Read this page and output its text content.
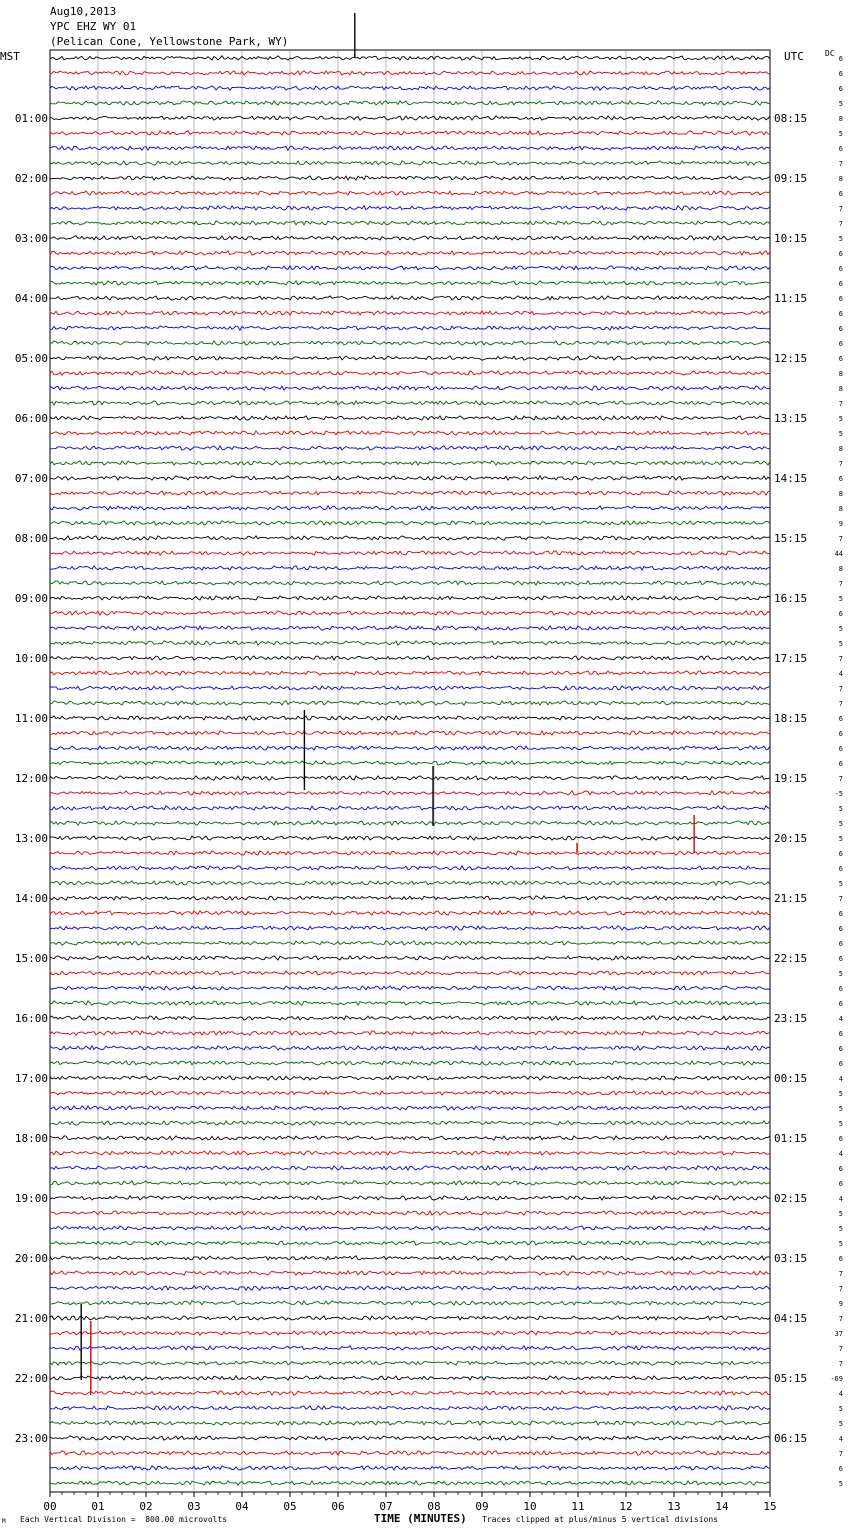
Aug10,2013
YPC EHZ WY 01
(Pelican Cone, Yellowstone Park, WY)
MST	UTC	DC
00	01	02	03	04	05	06	07	08	09	10	11	12	13	14	15
6
6
6
5
8
5
6
7
8
6
7
7
5
6
6
6
6
6
6
6
6
8
8
7
5
5
8
7
6
8
8
9
7
44
8
7
5
6
5
5
7
4
7
7
6
6
6
6
7
-5
5
5
5
6
6
5
7
6
6
6
6
5
6
6
4
6
6
6
4
5
5
5
6
4
6
6
4
5
5
5
6
7
7
9
7
37
7
7
-69
4
5
5
4
7
6
5
01:00	08:15
02:00	09:15
03:00	10:15
04:00	11:15
05:00	12:15
06:00	13:15
07:00	14:15
08:00	15:15
09:00	16:15
10:00	17:15
11:00	18:15
12:00	19:15
13:00	20:15
14:00	21:15
15:00	22:15
16:00	23:15
17:00	00:15
18:00	01:15
19:00	02:15
20:00	03:15
21:00	04:15
22:00	05:15
23:00	06:15
M Each Vertical Division =  800.00 microvolts	TIME (MINUTES) Traces clipped at plus/minus 5 vertical divisions
